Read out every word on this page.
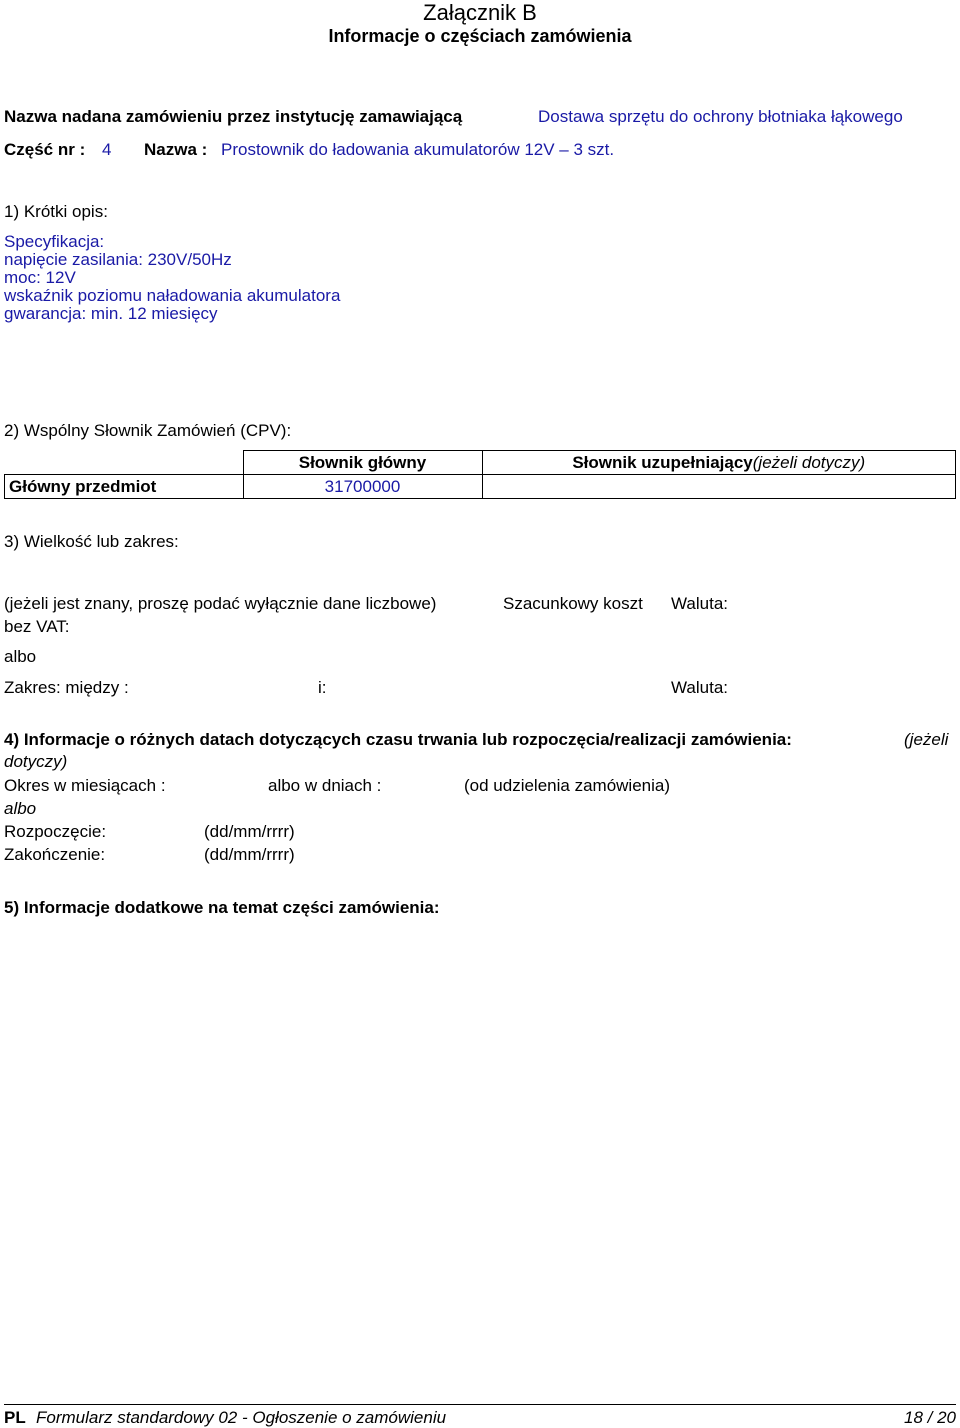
Załącznik B
Informacje o częściach zamówienia
Nazwa nadana zamówieniu przez instytucję zamawiającą	Dostawa sprzętu do ochrony błotniaka łąkowego
Część nr : 4 Nazwa : Prostownik do ładowania akumulatorów 12V – 3 szt.
1) Krótki opis:
Specyfikacja:
napięcie zasilania: 230V/50Hz
moc: 12V
wskaźnik poziomu naładowania akumulatora
gwarancja: min. 12 miesięcy
2) Wspólny Słownik Zamówień (CPV):
	Słownik główny	Słownik uzupełniający(jeżeli dotyczy)
Główny przedmiot	31700000	
3) Wielkość lub zakres:
(jeżeli jest znany, proszę podać wyłącznie dane liczbowe)	Szacunkowy koszt Waluta:
bez VAT:
albo
Zakres: między :	i:	Waluta:
4) Informacje o różnych datach dotyczących czasu trwania lub rozpoczęcia/realizacji zamówienia:	(jeżeli
dotyczy)
Okres w miesiącach :	albo w dniach :	(od udzielenia zamówienia)
albo
Rozpoczęcie:	(dd/mm/rrrr)
Zakończenie:	(dd/mm/rrrr)
5) Informacje dodatkowe na temat części zamówienia:
PL Formularz standardowy 02 - Ogłoszenie o zamówieniu	18 / 20
